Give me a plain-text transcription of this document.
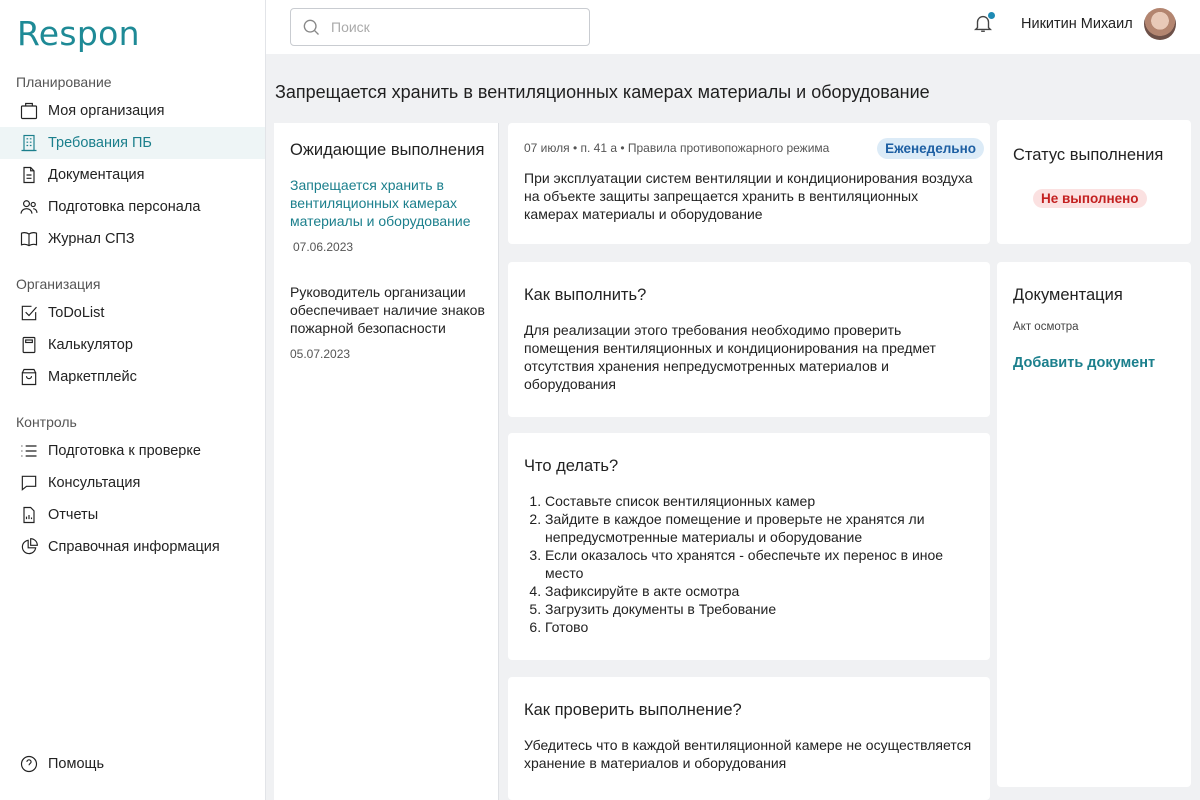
Respon
Планирование
Моя организация
Требования ПБ
Документация
Подготовка персонала
Журнал СПЗ
Организация
ToDoList
Калькулятор
Маркетплейс
Контроль
Подготовка к проверке
Консультация
Отчеты
Справочная информация
Помощь
Поиск
Никитин Михаил
Запрещается хранить в вентиляционных камерах материалы и оборудование
Ожидающие выполнения
Запрещается хранить в вентиляционных камерах материалы и оборудование
07.06.2023
Руководитель организации обеспечивает наличие знаков пожарной безопасности
05.07.2023
07 июля • п. 41 а • Правила противопожарного режима	Еженедельно

При эксплуатации систем вентиляции и кондиционирования воздуха на объекте защиты запрещается хранить в вентиляционных камерах материалы и оборудование

Как выполнить?

Для реализации этого требования необходимо проверить помещения вентиляционных и кондиционирования на предмет отсутствия хранения непредусмотренных материалов и оборудования

Что делать?
1. Составьте список вентиляционных камер
2. Зайдите в каждое помещение и проверьте не хранятся ли непредусмотренные материалы и оборудование
3. Если оказалось что хранятся - обеспечьте их перенос в иное место
4. Зафиксируйте в акте осмотра
5. Загрузить документы в Требование
6. Готово
Как проверить выполнение?

Убедитесь что в каждой вентиляционной камере не осуществляется хранение в материалов и оборудования

Статус выполнения
Не выполнено
Документация
Акт осмотра
Добавить документ
